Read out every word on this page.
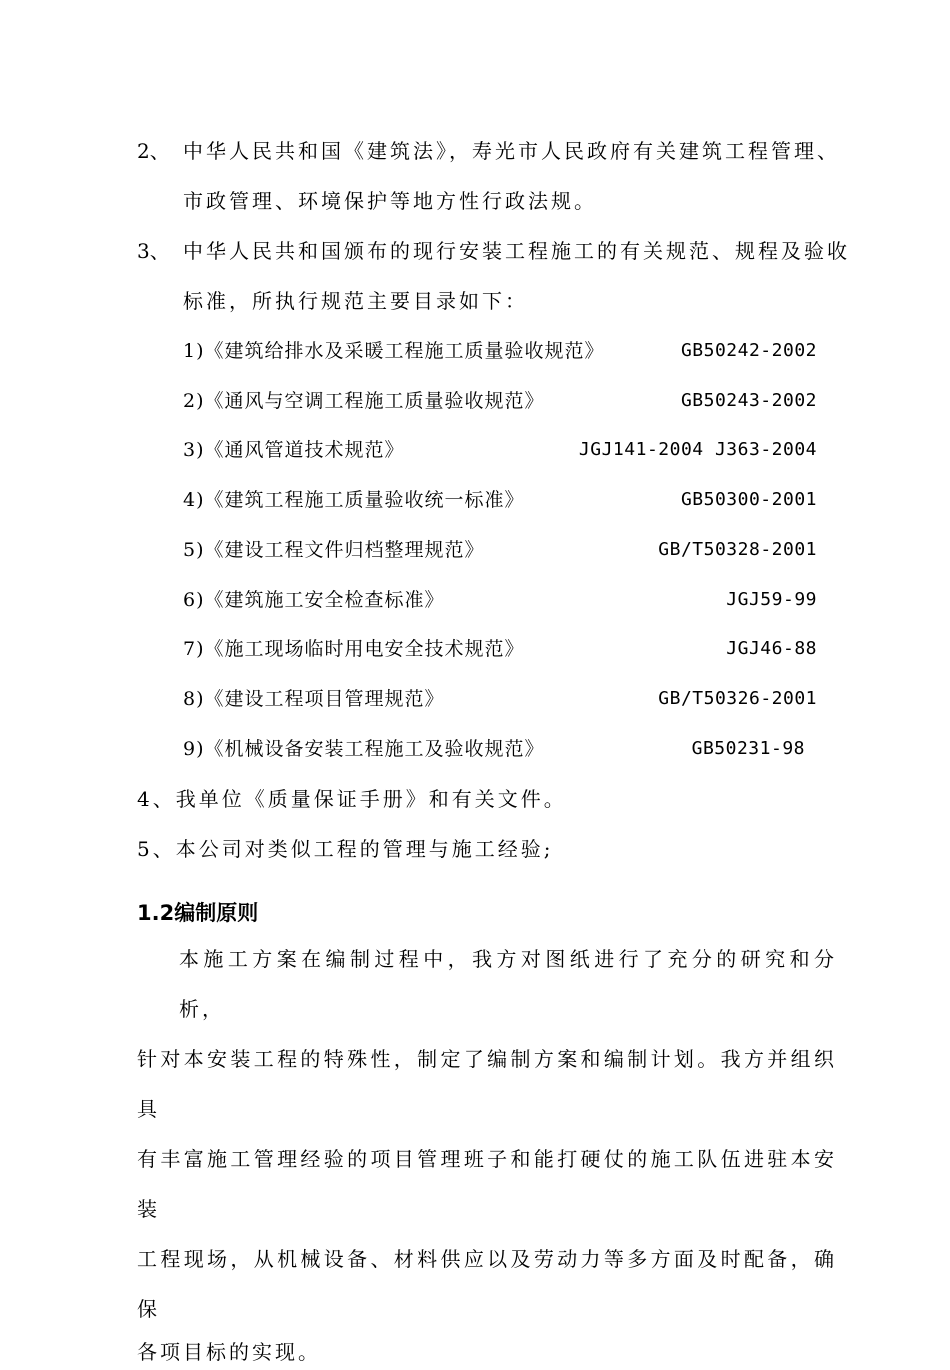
2、 中华人民共和国《建筑法》，寿光市人民政府有关建筑工程管理、
市政管理、环境保护等地方性行政法规。
3、 中华人民共和国颁布的现行安装工程施工的有关规范、规程及验收
标准，所执行规范主要目录如下：
1)《建筑给排水及采暖工程施工质量验收规范》	GB50242-2002
2)《通风与空调工程施工质量验收规范》	GB50243-2002
3)《通风管道技术规范》	JGJ141-2004 J363-2004
4)《建筑工程施工质量验收统一标准》	GB50300-2001
5)《建设工程文件归档整理规范》	GB/T50328-2001
6)《建筑施工安全检查标准》	JGJ59-99
7)《施工现场临时用电安全技术规范》	JGJ46-88
8)《建设工程项目管理规范》	GB/T50326-2001
9)《机械设备安装工程施工及验收规范》	GB50231-98
4、我单位《质量保证手册》和有关文件。
5、本公司对类似工程的管理与施工经验;
1.2编制原则
本施工方案在编制过程中，我方对图纸进行了充分的研究和分析，
针对本安装工程的特殊性，制定了编制方案和编制计划。我方并组织具
有丰富施工管理经验的项目管理班子和能打硬仗的施工队伍进驻本安装
工程现场，从机械设备、材料供应以及劳动力等多方面及时配备，确保
各项目标的实现。
